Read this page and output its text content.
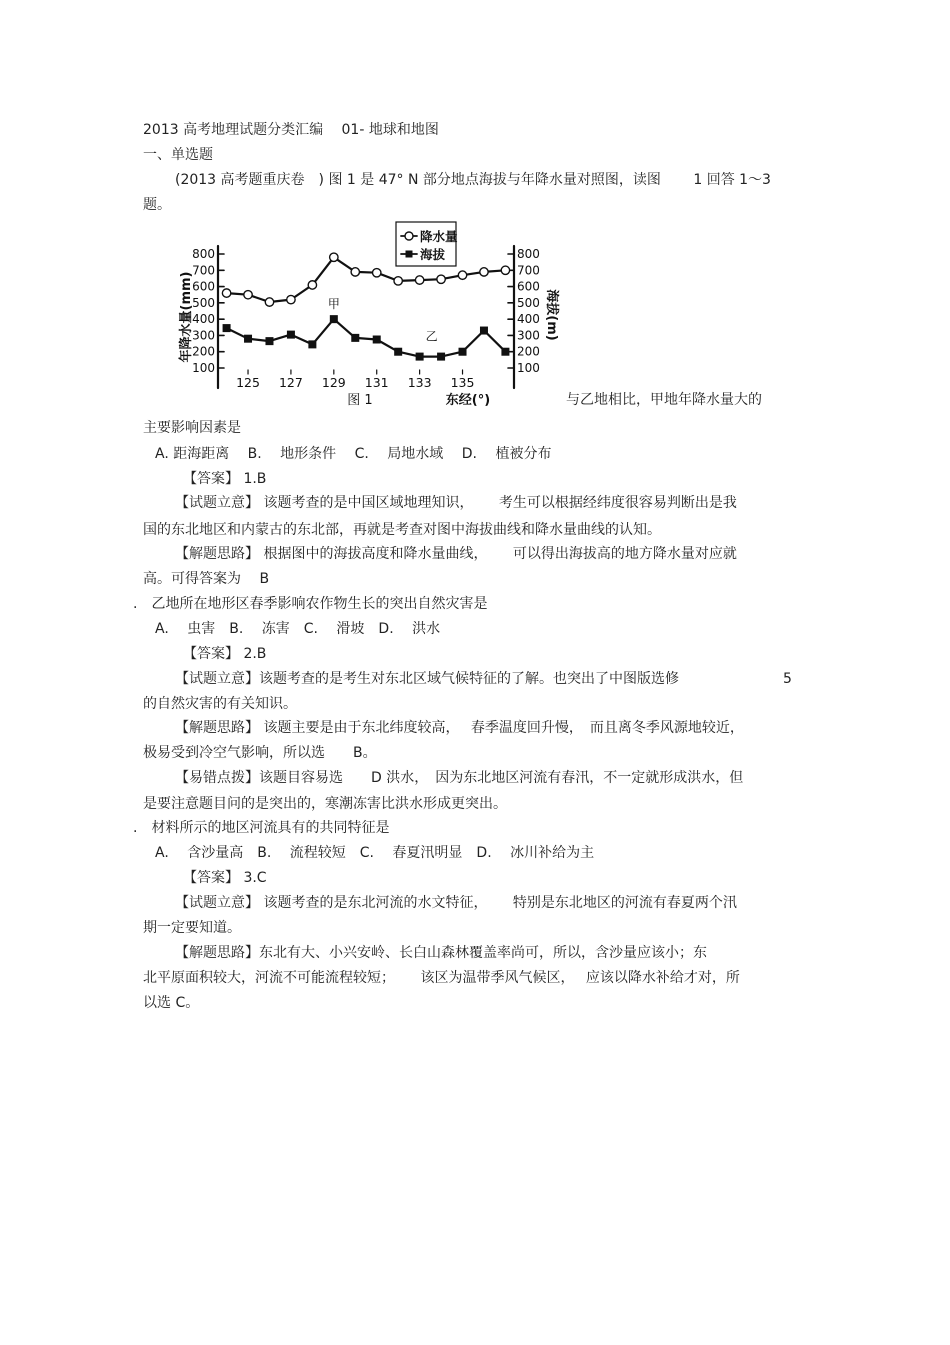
2013 高考地理试题分类汇编　 01- 地球和地图
一、单选题
(2013 高考题重庆卷　) 图 1 是 47° N 部分地点海拔与年降水量对照图，读图　　 1 回答 1～3
题。
800	800
700	700
600	600
500	500
400	400
300	300
200	200
100	100
125 127 129 131 133 135
年降水量(mm)	海拔(m)
东经(°)
图 1
降水量
海拔
甲
乙
与乙地相比，甲地年降水量大的
主要影响因素是
A. 距海距离　 B.　 地形条件　 C.　 局地水域　 D.　 植被分布
【答案】 1.B
【试题立意】 该题考查的是中国区域地理知识，　　 考生可以根据经纬度很容易判断出是我
国的东北地区和内蒙古的东北部，再就是考查对图中海拔曲线和降水量曲线的认知。
【解题思路】 根据图中的海拔高度和降水量曲线，　　 可以得出海拔高的地方降水量对应就
高。可得答案为　 B
.　乙地所在地形区春季影响农作物生长的突出自然灾害是
A.　 虫害　B.　 冻害　C.　 滑坡　D.　 洪水
【答案】 2.B
【试题立意】该题考查的是考生对东北区域气候特征的了解。也突出了中图版选修	5
的自然灾害的有关知识。
【解题思路】 该题主要是由于东北纬度较高，　 春季温度回升慢，　而且离冬季风源地较近，
极易受到冷空气影响，所以选　　B。
【易错点拨】该题目容易选　　D 洪水，　因为东北地区河流有春汛，不一定就形成洪水，但
是要注意题目问的是突出的，寒潮冻害比洪水形成更突出。
.　材料所示的地区河流具有的共同特征是
A.　 含沙量高　B.　 流程较短　C.　 春夏汛明显　D.　 冰川补给为主
【答案】 3.C
【试题立意】 该题考查的是东北河流的水文特征，　　 特别是东北地区的河流有春夏两个汛
期一定要知道。
【解题思路】东北有大、小兴安岭、长白山森林覆盖率尚可，所以，含沙量应该小；东
北平原面积较大，河流不可能流程较短；　　 该区为温带季风气候区，　 应该以降水补给才对，所
以选 C。
